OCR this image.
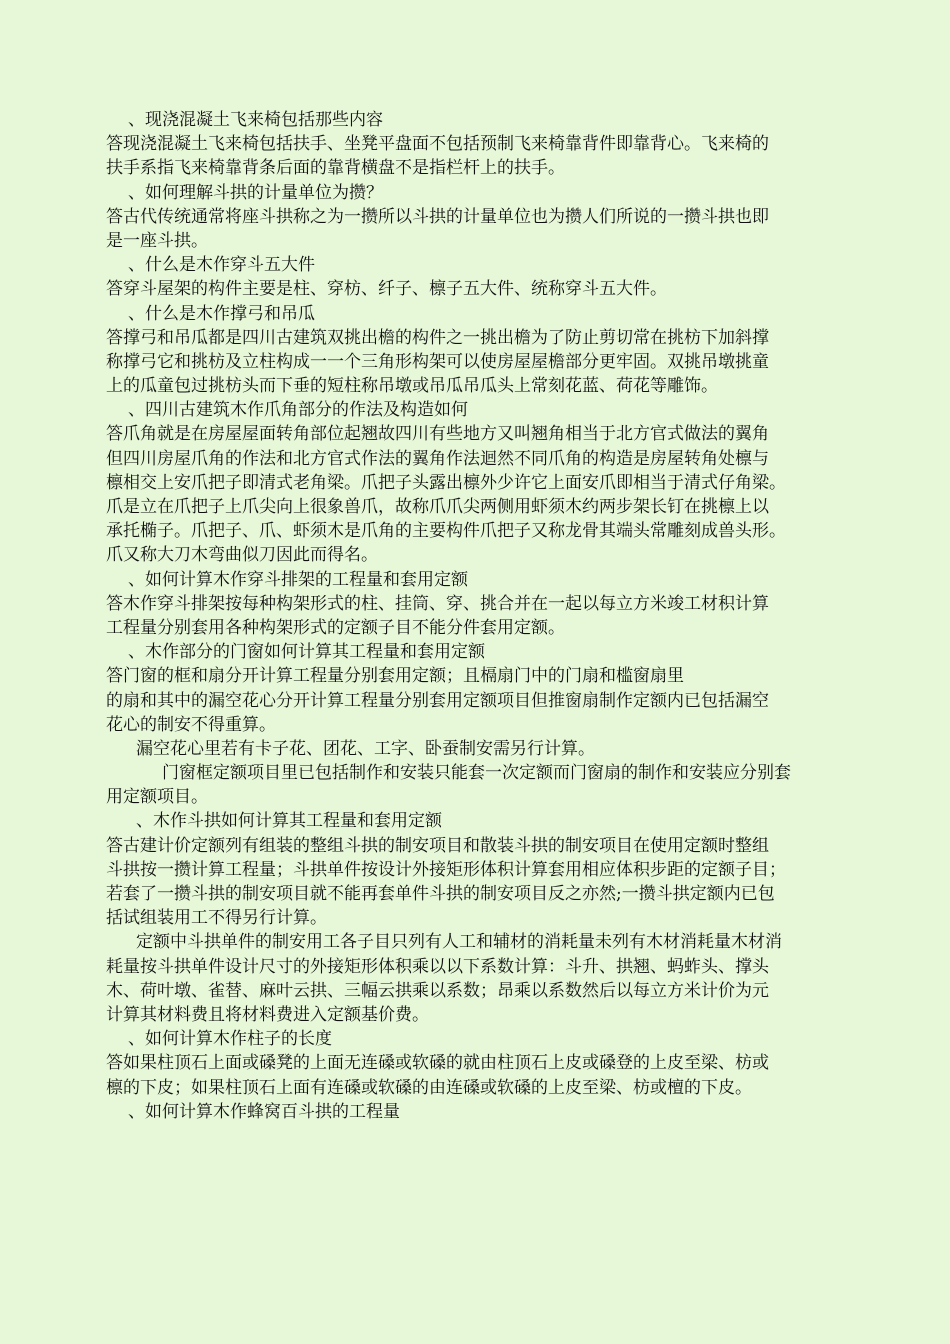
、现浇混凝土飞来椅包括那些内容
答现浇混凝土飞来椅包括扶手、坐凳平盘面不包括预制飞来椅靠背件即靠背心。飞来椅的
扶手系指飞来椅靠背条后面的靠背横盘不是指栏杆上的扶手。
、如何理解斗拱的计量单位为攒？
答古代传统通常将座斗拱称之为一攒所以斗拱的计量单位也为攒人们所说的一攒斗拱也即
是一座斗拱。
、什么是木作穿斗五大件
答穿斗屋架的构件主要是柱、穿枋、纤子、檩子五大件、统称穿斗五大件。
、什么是木作撑弓和吊瓜
答撑弓和吊瓜都是四川古建筑双挑出檐的构件之一挑出檐为了防止剪切常在挑枋下加斜撑
称撑弓它和挑枋及立柱构成一一个三角形构架可以使房屋屋檐部分更牢固。双挑吊墩挑童
上的瓜童包过挑枋头而下垂的短柱称吊墩或吊瓜吊瓜头上常刻花蓝、荷花等雕饰。
、四川古建筑木作爪角部分的作法及构造如何
答爪角就是在房屋屋面转角部位起翘故四川有些地方又叫翘角相当于北方官式做法的翼角
但四川房屋爪角的作法和北方官式作法的翼角作法迴然不同爪角的构造是房屋转角处檩与
檩相交上安爪把子即清式老角梁。爪把子头露出檩外少许它上面安爪即相当于清式仔角梁。
爪是立在爪把子上爪尖向上很象兽爪，故称爪爪尖两侧用虾须木约两步架长钉在挑檩上以
承托椭子。爪把子、爪、虾须木是爪角的主要构件爪把子又称龙骨其端头常雕刻成兽头形。
爪又称大刀木弯曲似刀因此而得名。
、如何计算木作穿斗排架的工程量和套用定额
答木作穿斗排架按每种构架形式的柱、挂筒、穿、挑合并在一起以每立方米竣工材积计算
工程量分别套用各种构架形式的定额子目不能分件套用定额。
、木作部分的门窗如何计算其工程量和套用定额
答门窗的框和扇分开计算工程量分别套用定额；且槅扇门中的门扇和槛窗扇里
的扇和其中的漏空花心分开计算工程量分别套用定额项目但推窗扇制作定额内已包括漏空
花心的制安不得重算。
漏空花心里若有卡子花、团花、工字、卧蚕制安需另行计算。
门窗框定额项目里已包括制作和安装只能套一次定额而门窗扇的制作和安装应分别套
用定额项目。
、木作斗拱如何计算其工程量和套用定额
答古建计价定额列有组装的整组斗拱的制安项目和散装斗拱的制安项目在使用定额时整组
斗拱按一攒计算工程量；斗拱单件按设计外接矩形体积计算套用相应体积步距的定额子目；
若套了一攒斗拱的制安项目就不能再套单件斗拱的制安项目反之亦然;一攒斗拱定额内已包
括试组装用工不得另行计算。
定额中斗拱单件的制安用工各子目只列有人工和辅材的消耗量未列有木材消耗量木材消
耗量按斗拱单件设计尺寸的外接矩形体积乘以以下系数计算：斗升、拱翘、蚂蚱头、撑头
木、荷叶墩、雀替、麻叶云拱、三幅云拱乘以系数；昂乘以系数然后以每立方米计价为元
计算其材料费且将材料费进入定额基价费。
、如何计算木作柱子的长度
答如果柱顶石上面或磉凳的上面无连磉或软磉的就由柱顶石上皮或磉登的上皮至梁、枋或
檩的下皮；如果柱顶石上面有连磉或软磉的由连磉或软磉的上皮至梁、枋或檀的下皮。
、如何计算木作蜂窝百斗拱的工程量
